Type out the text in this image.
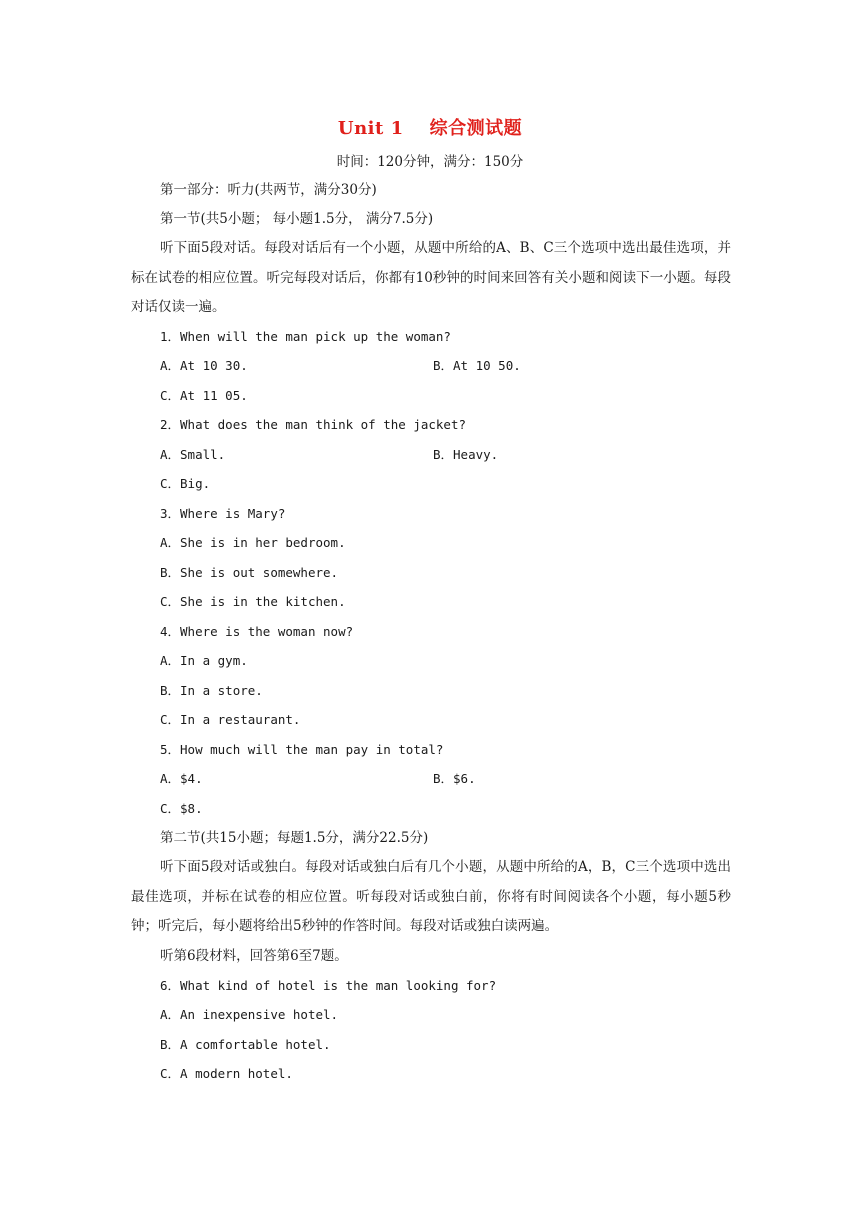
Unit 1 综合测试题
时间：120分钟，满分：150分
第一部分：听力(共两节，满分30分)
第一节(共5小题； 每小题1.5分， 满分7.5分)
听下面5段对话。每段对话后有一个小题，从题中所给的A、B、C三个选项中选出最佳选项，并标在试卷的相应位置。听完每段对话后，你都有10秒钟的时间来回答有关小题和阅读下一小题。每段对话仅读一遍。
1．When will the man pick up the woman?
A．At 10 30.	B．At 10 50.
C．At 11 05.
2．What does the man think of the jacket?
A．Small.	B．Heavy.
C．Big.
3．Where is Mary?
A．She is in her bedroom.
B．She is out somewhere.
C．She is in the kitchen.
4．Where is the woman now?
A．In a gym.
B．In a store.
C．In a restaurant.
5．How much will the man pay in total?
A．$4.	B．$6.
C．$8.
第二节(共15小题；每题1.5分，满分22.5分)
听下面5段对话或独白。每段对话或独白后有几个小题，从题中所给的A，B，C三个选项中选出最佳选项，并标在试卷的相应位置。听每段对话或独白前，你将有时间阅读各个小题，每小题5秒钟；听完后，每小题将给出5秒钟的作答时间。每段对话或独白读两遍。
听第6段材料，回答第6至7题。
6．What kind of hotel is the man looking for?
A．An inexpensive hotel.
B．A comfortable hotel.
C．A modern hotel.
